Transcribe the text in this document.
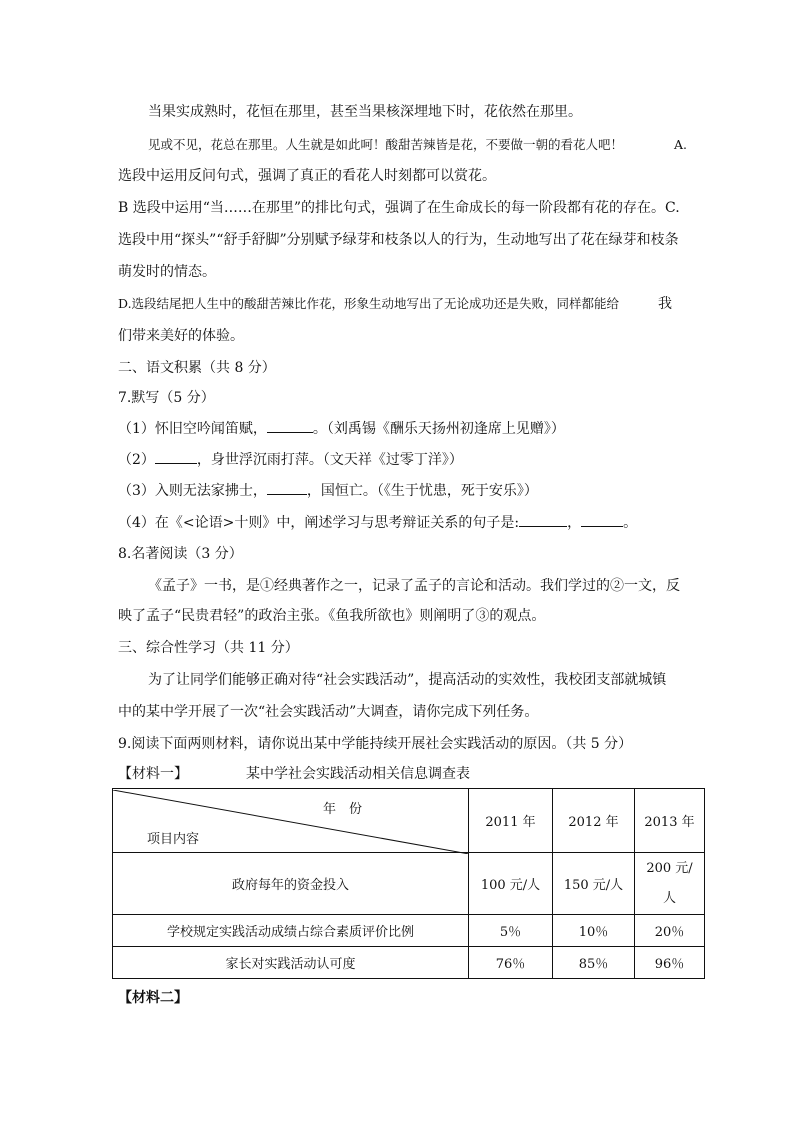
当果实成熟时，花恒在那里，甚至当果核深埋地下时，花依然在那里。
见或不见，花总在那里。人生就是如此呵！酸甜苦辣皆是花，不要做一朝的看花人吧！	A.
选段中运用反问句式，强调了真正的看花人时刻都可以赏花。
B 选段中运用“当……在那里”的排比句式，强调了在生命成长的每一阶段都有花的存在。C.
选段中用“探头”“舒手舒脚”分别赋予绿芽和枝条以人的行为，生动地写出了花在绿芽和枝条
萌发时的情态。
D.选段结尾把人生中的酸甜苦辣比作花，形象生动地写出了无论成功还是失败，同样都能给	我
们带来美好的体验。
二、语文积累（共 8 分）
7.默写（5 分）
（1）怀旧空吟闻笛赋，	。（刘禹锡《酬乐天扬州初逢席上见赠》）
（2）	，身世浮沉雨打萍。（文天祥《过零丁洋》）
（3）入则无法家拂士，	，国恒亡。（《生于忧患，死于安乐》）
（4）在《<论语>十则》中，阐述学习与思考辩证关系的句子是:	，	。
8.名著阅读（3 分）
《孟子》一书，是①经典著作之一，记录了孟子的言论和活动。我们学过的②一文，反
映了孟子“民贵君轻”的政治主张。《鱼我所欲也》则阐明了③的观点。
三、综合性学习（共 11 分）
为了让同学们能够正确对待“社会实践活动”，提高活动的实效性，我校团支部就城镇
中的某中学开展了一次“社会实践活动”大调查，请你完成下列任务。
9.阅读下面两则材料，请你说出某中学能持续开展社会实践活动的原因。（共 5 分）
【材料一】	某中学社会实践活动相关信息调查表
年　份
项目内容	2011 年	2012 年	2013 年
政府每年的资金投入	100 元/人	150 元/人	200 元/人
学校规定实践活动成绩占综合素质评价比例	5％	10％	20％
家长对实践活动认可度	76％	85％	96％
【材料二】
